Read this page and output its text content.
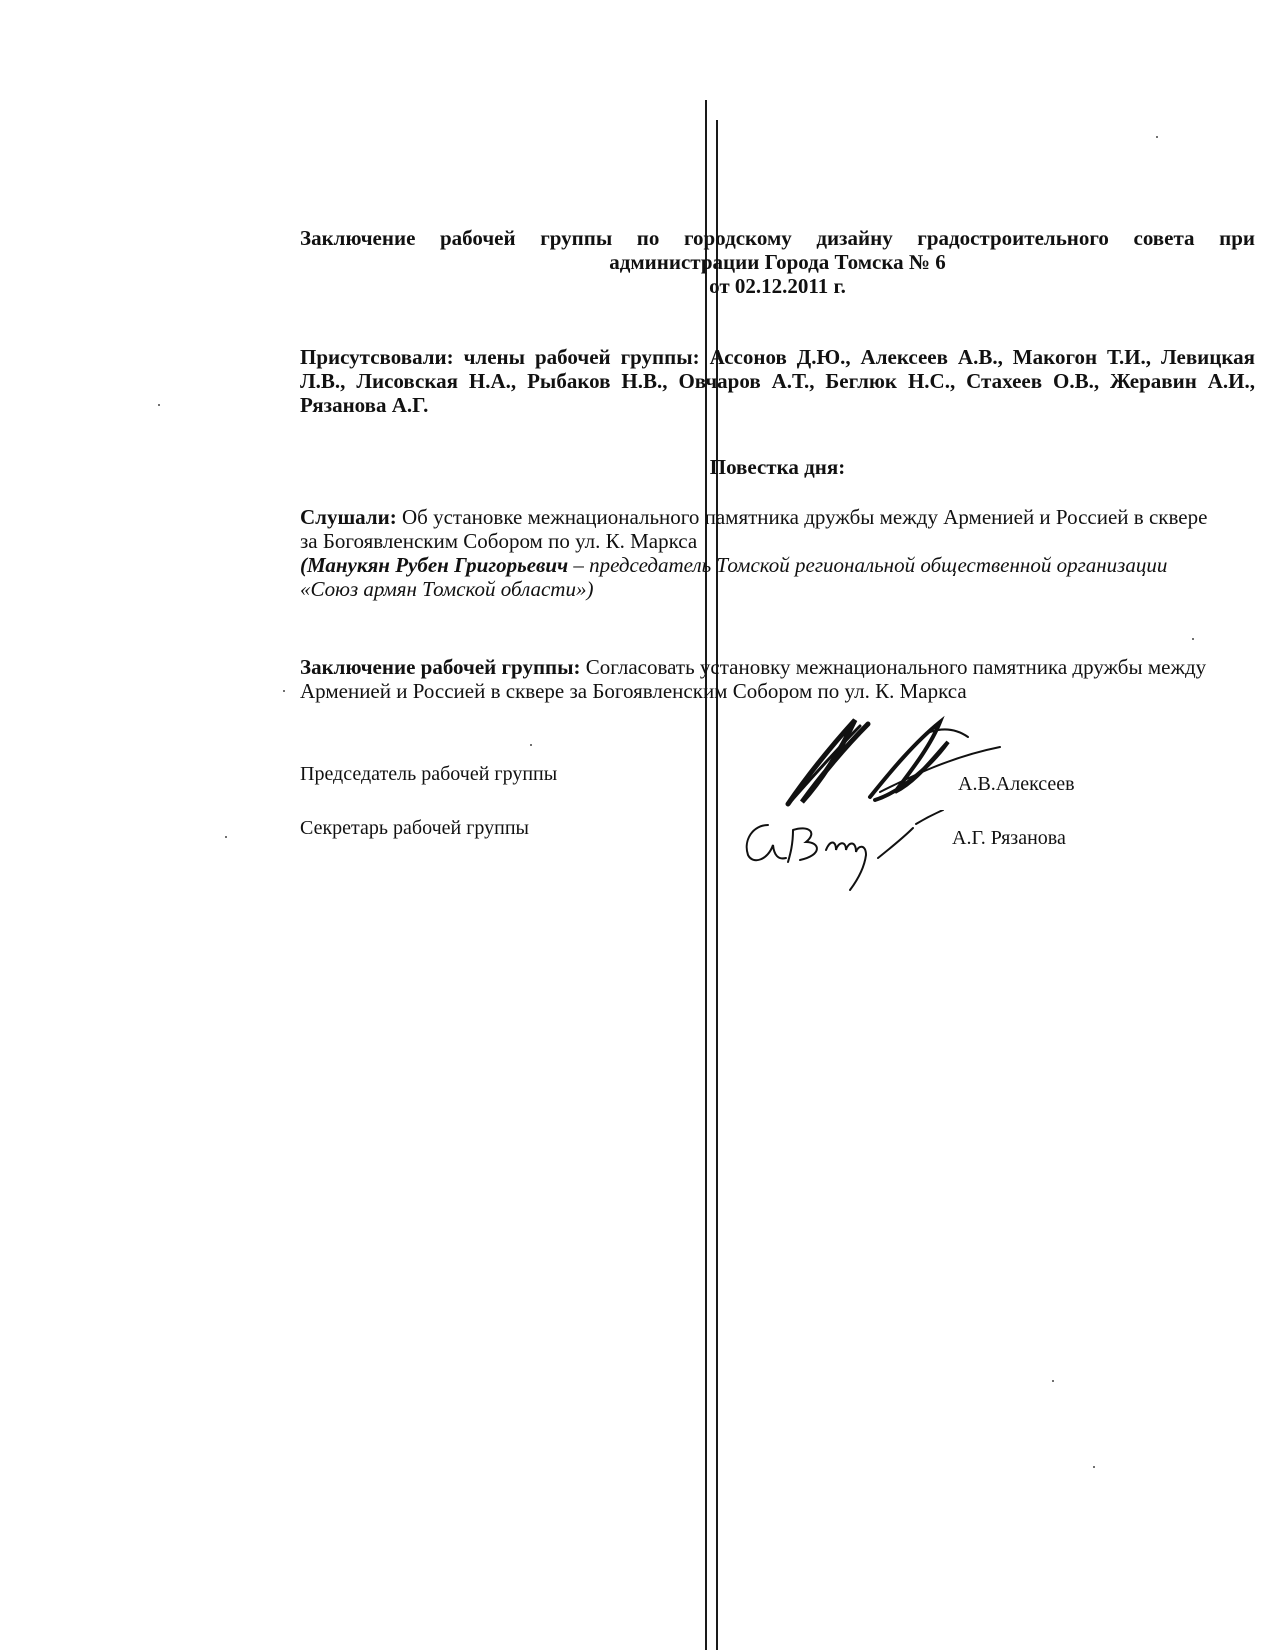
Заключение рабочей группы по городскому дизайну градостроительного совета при
администрации Города Томска № 6
от 02.12.2011 г.
Присутсвовали: члены рабочей группы: Ассонов Д.Ю., Алексеев А.В., Макогон Т.И., Левицкая Л.В., Лисовская Н.А., Рыбаков Н.В., Овчаров А.Т., Беглюк Н.С., Стахеев О.В., Жеравин А.И., Рязанова А.Г.
Повестка дня:
Слушали: Об установке межнационального памятника дружбы между Арменией и Россией в сквере за Богоявленским Собором по ул. К. Маркса
(Манукян Рубен Григорьевич – председатель Томской региональной общественной организации «Союз армян Томской области»)
Заключение рабочей группы: Согласовать установку межнационального памятника дружбы между Арменией и Россией в сквере за Богоявленским Собором по ул. К. Маркса
Председатель рабочей группы	А.В.Алексеев
Секретарь рабочей группы	А.Г. Рязанова
